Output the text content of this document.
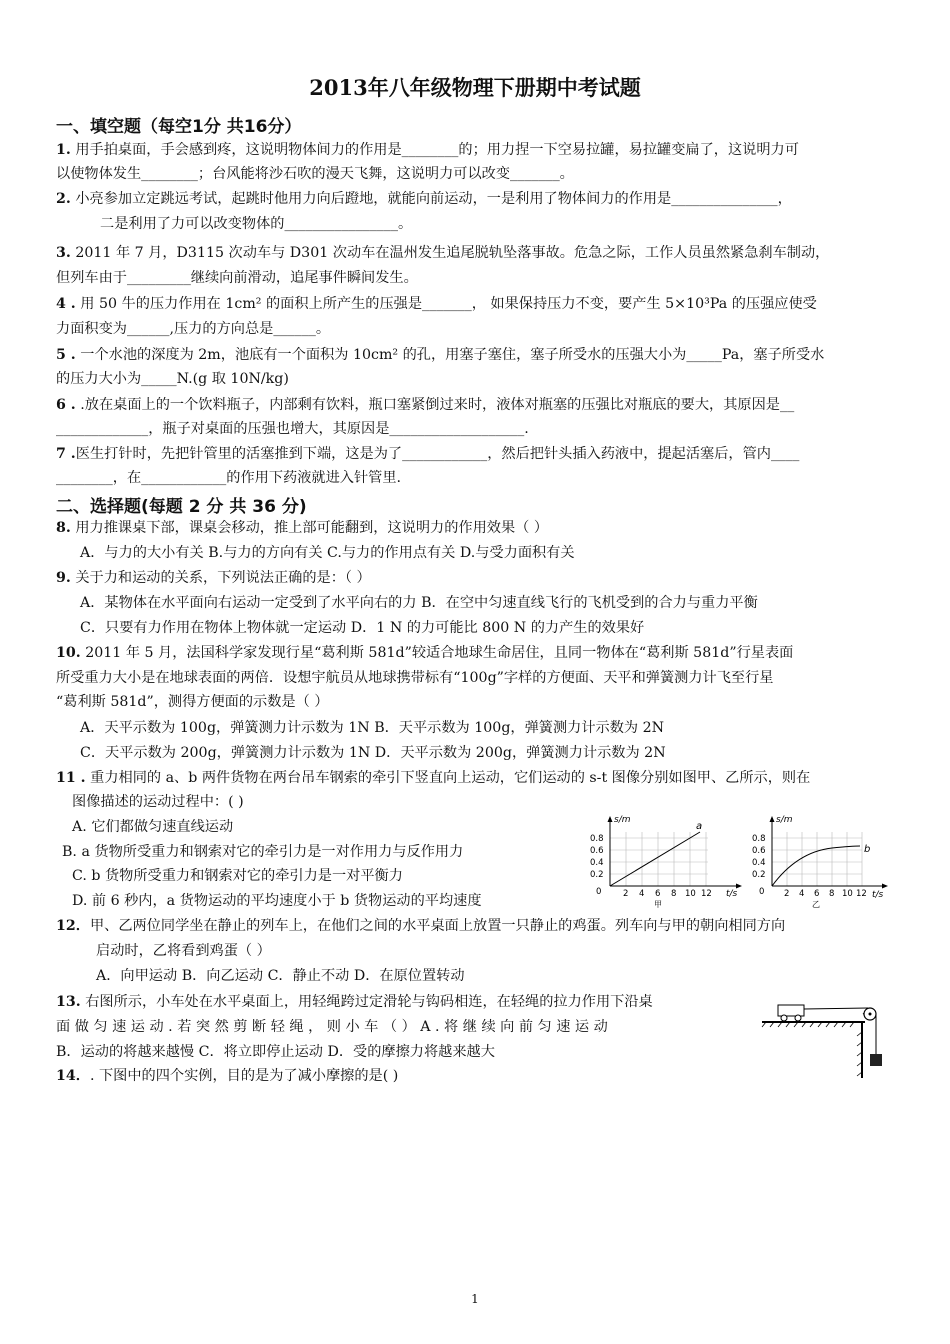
2013年八年级物理下册期中考试题
一、填空题（每空1分 共16分）
1. 用手拍桌面，手会感到疼，这说明物体间力的作用是________的；用力捏一下空易拉罐，易拉罐变扁了，这说明力可
以使物体发生________；台风能将沙石吹的漫天飞舞，这说明力可以改变_______。
2. 小亮参加立定跳远考试，起跳时他用力向后蹬地，就能向前运动，一是利用了物体间力的作用是_______________，
二是利用了力可以改变物体的________________。
3. 2011 年 7 月，D3115 次动车与 D301 次动车在温州发生追尾脱轨坠落事故。危急之际，工作人员虽然紧急刹车制动，
但列车由于_________继续向前滑动，追尾事件瞬间发生。
4 . 用 50 牛的压力作用在 1cm² 的面积上所产生的压强是_______， 如果保持压力不变，要产生 5×10³Pa 的压强应使受
力面积变为______,压力的方向总是______。
5 . 一个水池的深度为 2m，池底有一个面积为 10cm² 的孔，用塞子塞住，塞子所受水的压强大小为_____Pa，塞子所受水
的压力大小为_____N.(g 取 10N/kg)
6 . .放在桌面上的一个饮料瓶子，内部剩有饮料，瓶口塞紧倒过来时，液体对瓶塞的压强比对瓶底的要大，其原因是__
_____________，瓶子对桌面的压强也增大，其原因是___________________.
7 .医生打针时，先把针管里的活塞推到下端，这是为了____________，然后把针头插入药液中，提起活塞后，管内____
________，在____________的作用下药液就进入针管里.
二、选择题(每题 2 分 共 36 分)
8. 用力推课桌下部，课桌会移动，推上部可能翻到，这说明力的作用效果（ ）
A．与力的大小有关 B.与力的方向有关 C.与力的作用点有关 D.与受力面积有关
9. 关于力和运动的关系，下列说法正确的是：（ ）
A．某物体在水平面向右运动一定受到了水平向右的力 B．在空中匀速直线飞行的飞机受到的合力与重力平衡
C．只要有力作用在物体上物体就一定运动 D．1 N 的力可能比 800 N 的力产生的效果好
10. 2011 年 5 月，法国科学家发现行星“葛利斯 581d”较适合地球生命居住，且同一物体在“葛利斯 581d”行星表面
所受重力大小是在地球表面的两倍．设想宇航员从地球携带标有“100g”字样的方便面、天平和弹簧测力计飞至行星
“葛利斯 581d”，测得方便面的示数是（ ）
A．天平示数为 100g，弹簧测力计示数为 1N B．天平示数为 100g，弹簧测力计示数为 2N
C．天平示数为 200g，弹簧测力计示数为 1N D．天平示数为 200g，弹簧测力计示数为 2N
11 . 重力相同的 a、b 两件货物在两台吊车钢索的牵引下竖直向上运动，它们运动的 s-t 图像分别如图甲、乙所示，则在
图像描述的运动过程中：( )
A. 它们都做匀速直线运动
B. a 货物所受重力和钢索对它的牵引力是一对作用力与反作用力
C. b 货物所受重力和钢索对它的牵引力是一对平衡力
D. 前 6 秒内，a 货物运动的平均速度小于 b 货物运动的平均速度
s/m
t/s
a
0.8
0.6
0.4
0.2
0	2 4 6 8 10 12
甲
s/m
t/s
b
0.8
0.6
0.4
0.2
0 2 4 6 8 10 12
乙
12．甲、乙两位同学坐在静止的列车上，在他们之间的水平桌面上放置一只静止的鸡蛋。列车向与甲的朝向相同方向
启动时，乙将看到鸡蛋（ ）
A．向甲运动 B．向乙运动 C．静止不动 D．在原位置转动
13. 右图所示，小车处在水平桌面上，用轻绳跨过定滑轮与钩码相连，在轻绳的拉力作用下沿桌
面 做 匀 速 运 动 . 若 突 然 剪 断 轻 绳 ， 则 小 车 （ ） A . 将 继 续 向 前 匀 速 运 动
B．运动的将越来越慢 C．将立即停止运动 D．受的摩擦力将越来越大
14．. 下图中的四个实例，目的是为了减小摩擦的是( )
1
